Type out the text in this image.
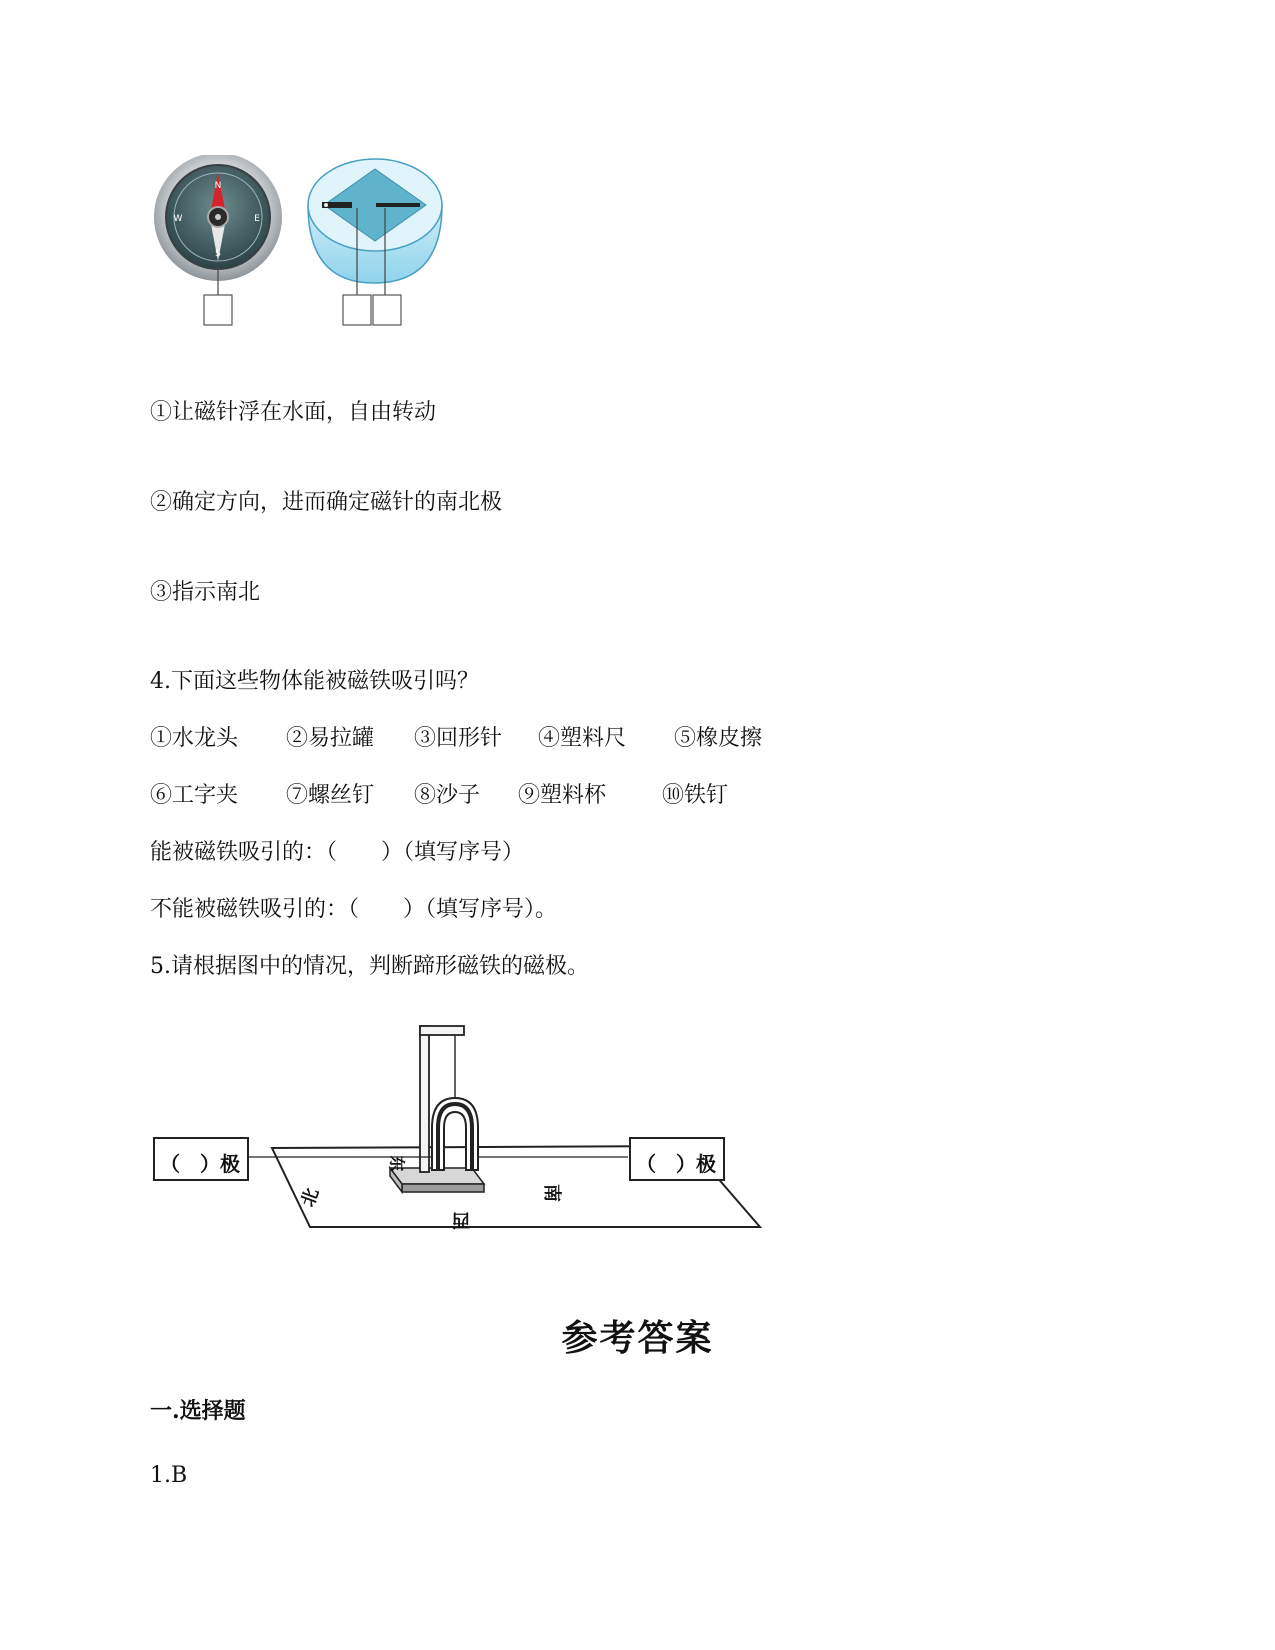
N
E
S
W
①让磁针浮在水面，自由转动
②确定方向，进而确定磁针的南北极
③指示南北
4.下面这些物体能被磁铁吸引吗？
①水龙头 ②易拉罐 ③回形针 ④塑料尺 ⑤橡皮擦
⑥工字夹 ⑦螺丝钉 ⑧沙子 ⑨塑料杯	⑩铁钉
能被磁铁吸引的：（　　）（填写序号）
不能被磁铁吸引的：（　　）（填写序号）。
5.请根据图中的情况，判断蹄形磁铁的磁极。
（　）极	（　）极
北	南
东
西
参考答案
一.选择题
1.B
